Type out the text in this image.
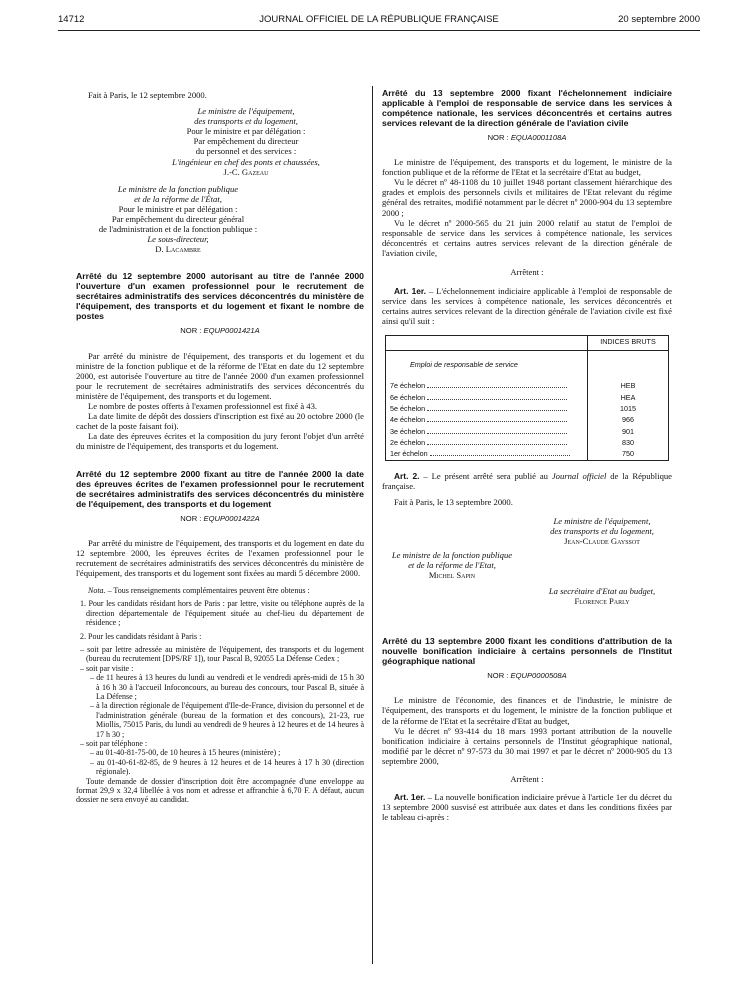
14712	JOURNAL OFFICIEL DE LA RÉPUBLIQUE FRANÇAISE	20 septembre 2000

Fait à Paris, le 12 septembre 2000.

Le ministre de l'équipement,

des transports et du logement,

Pour le ministre et par délégation :

Par empêchement du directeur

du personnel et des services :

L'ingénieur en chef des ponts et chaussées,

J.-C. Gazeau

Le ministre de la fonction publique

et de la réforme de l'État,

Pour le ministre et par délégation :

Par empêchement du directeur général

de l'administration et de la fonction publique :

Le sous-directeur,

D. Lacambre

Arrêté du 12 septembre 2000 autorisant au titre de l'année 2000 l'ouverture d'un examen professionnel pour le recrutement de secrétaires administratifs des services déconcentrés du ministère de l'équipement, des transports et du logement et fixant le nombre de postes

NOR : EQUP0001421A

Par arrêté du ministre de l'équipement, des transports et du logement et du ministre de la fonction publique et de la réforme de l'Etat en date du 12 septembre 2000, est autorisée l'ouverture au titre de l'année 2000 d'un examen professionnel pour le recrutement de secrétaires administratifs des services déconcentrés du ministère de l'équipement, des transports et du logement.

Le nombre de postes offerts à l'examen professionnel est fixé à 43.

La date limite de dépôt des dossiers d'inscription est fixé au 20 octobre 2000 (le cachet de la poste faisant foi).

La date des épreuves écrites et la composition du jury feront l'objet d'un arrêté du ministre de l'équipement, des transports et du logement.

Arrêté du 12 septembre 2000 fixant au titre de l'année 2000 la date des épreuves écrites de l'examen professionnel pour le recrutement de secrétaires administratifs des services déconcentrés du ministère de l'équipement, des transports et du logement

NOR : EQUP0001422A

Par arrêté du ministre de l'équipement, des transports et du logement en date du 12 septembre 2000, les épreuves écrites de l'examen professionnel pour le recrutement de secrétaires administratifs des services déconcentrés du ministère de l'équipement, des transports et du logement sont fixées au mardi 5 décembre 2000.

Nota. – Tous renseignements complémentaires peuvent être obtenus :

1. Pour les candidats résidant hors de Paris : par lettre, visite ou téléphone auprès de la direction départementale de l'équipement située au chef-lieu du département de résidence ;

2. Pour les candidats résidant à Paris :

– soit par lettre adressée au ministère de l'équipement, des transports et du logement (bureau du recrutement [DPS/RF 1]), tour Pascal B, 92055 La Défense Cedex ;

– soit par visite :

– de 11 heures à 13 heures du lundi au vendredi et le vendredi après-midi de 15 h 30 à 16 h 30 à l'accueil Infoconcours, au bureau des concours, tour Pascal B, située à La Défense ;

– à la direction régionale de l'équipement d'Ile-de-France, division du personnel et de l'administration générale (bureau de la formation et des concours), 21-23, rue Miollis, 75015 Paris, du lundi au vendredi de 9 heures à 12 heures et de 14 heures à 17 h 30 ;

– soit par téléphone :

– au 01-40-81-75-00, de 10 heures à 15 heures (ministère) ;

– au 01-40-61-82-85, de 9 heures à 12 heures et de 14 heures à 17 h 30 (direction régionale).

Toute demande de dossier d'inscription doit être accompagnée d'une enveloppe au format 29,9 x 32,4 libellée à vos nom et adresse et affranchie à 6,70 F. A défaut, aucun dossier ne sera envoyé au candidat.

Arrêté du 13 septembre 2000 fixant l'échelonnement indiciaire applicable à l'emploi de responsable de service dans les services à compétence nationale, les services déconcentrés et certains autres services relevant de la direction générale de l'aviation civile

NOR : EQUA0001108A

Le ministre de l'équipement, des transports et du logement, le ministre de la fonction publique et de la réforme de l'Etat et la secrétaire d'Etat au budget,

Vu le décret nº 48-1108 du 10 juillet 1948 portant classement hiérarchique des grades et emplois des personnels civils et militaires de l'Etat relevant du régime général des retraites, modifié notamment par le décret nº 2000-904 du 13 septembre 2000 ;

Vu le décret nº 2000-565 du 21 juin 2000 relatif au statut de l'emploi de responsable de service dans les services à compétence nationale, les services déconcentrés et certains autres services relevant de la direction générale de l'aviation civile,

Arrêtent :

Art. 1er. – L'échelonnement indiciaire applicable à l'emploi de responsable de service dans les services à compétence nationale, les services déconcentrés et certains autres services relevant de la direction générale de l'aviation civile est fixé ainsi qu'il suit :

	INDICES BRUTS
Emploi de responsable de service	
7e échelon	HEB
6e échelon	HEA
5e échelon	1015
4e échelon	966
3e échelon	901
2e échelon	830
1er échelon	750

Art. 2. – Le présent arrêté sera publié au Journal officiel de la République française.

Fait à Paris, le 13 septembre 2000.

Le ministre de l'équipement,

des transports et du logement,

Jean-Claude Gayssot

Le ministre de la fonction publique

et de la réforme de l'Etat,

Michel Sapin

La secrétaire d'Etat au budget,

Florence Parly

Arrêté du 13 septembre 2000 fixant les conditions d'attribution de la nouvelle bonification indiciaire à certains personnels de l'Institut géographique national

NOR : EQUP0000508A

Le ministre de l'économie, des finances et de l'industrie, le ministre de l'équipement, des transports et du logement, le ministre de la fonction publique et de la réforme de l'Etat et la secrétaire d'Etat au budget,

Vu le décret nº 93-414 du 18 mars 1993 portant attribution de la nouvelle bonification indiciaire à certains personnels de l'Institut géographique national, modifié par le décret nº 97-573 du 30 mai 1997 et par le décret nº 2000-905 du 13 septembre 2000,

Arrêtent :

Art. 1er. – La nouvelle bonification indiciaire prévue à l'article 1er du décret du 13 septembre 2000 susvisé est attribuée aux dates et dans les conditions fixées par le tableau ci-après :
